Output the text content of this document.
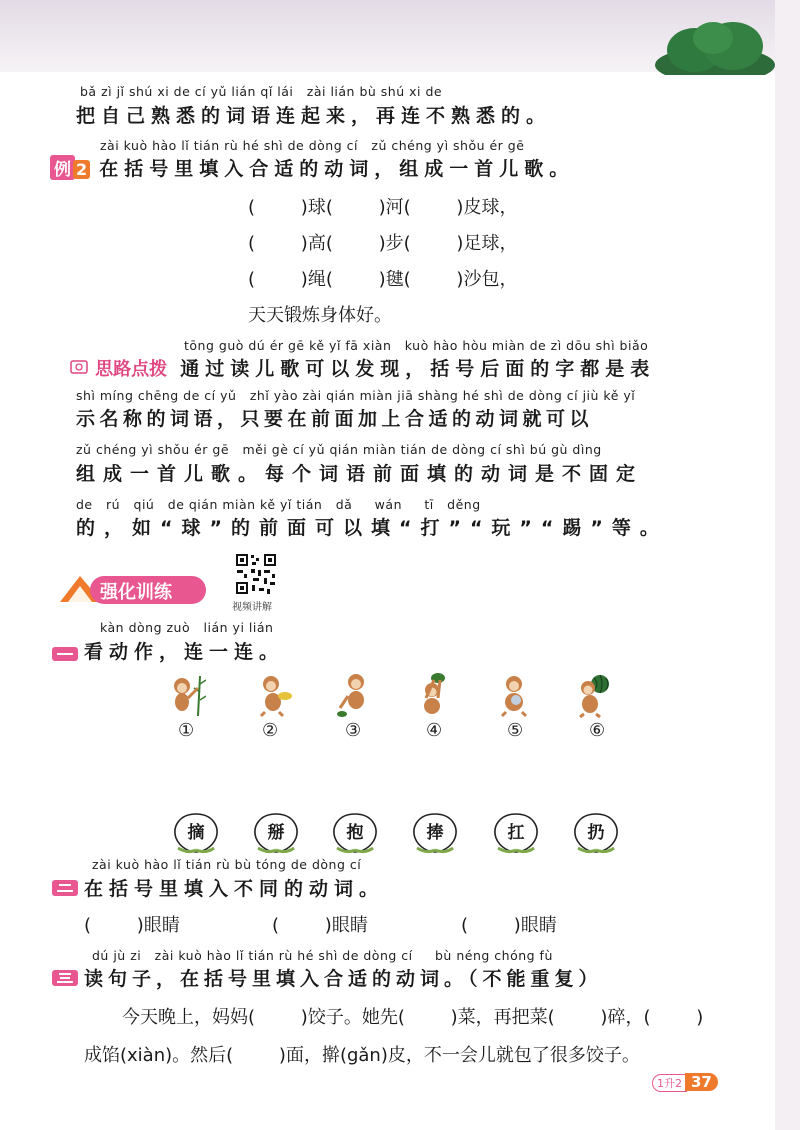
bǎ zì jǐ shú xi de cí yǔ lián qǐ lái   zài lián bù shú xi de
把自己熟悉的词语连起来，再连不熟悉的。
zài kuò hào lǐ tián rù hé shì de dòng cí   zǔ chéng yì shǒu ér gē
例 2 在括号里填入合适的动词，组成一首儿歌。
(        )球(        )河(        )皮球，
(        )高(        )步(        )足球，
(        )绳(        )毽(        )沙包，
天天锻炼身体好。
tōng guò dú ér gē kě yǐ fā xiàn   kuò hào hòu miàn de zì dōu shì biǎo
思路点拨 通过读儿歌可以发现，括号后面的字都是表
shì míng chēng de cí yǔ   zhǐ yào zài qián miàn jiā shàng hé shì de dòng cí jiù kě yǐ
示名称的词语，只要在前面加上合适的动词就可以
zǔ chéng yì shǒu ér gē   měi gè cí yǔ qián miàn tián de dòng cí shì bú gù dìng
组成一首儿歌。每个词语前面填的动词是不固定
de   rú   qiú   de qián miàn kě yǐ tián   dǎ     wán     tī   děng
的，如“球”的前面可以填“打”“玩”“踢”等。
强化训练
视频讲解
kàn dòng zuò   lián yi lián
看动作，连一连。
①	②	③	④	⑤	⑥
摘	掰	抱	捧	扛	扔
zài kuò hào lǐ tián rù bù tóng de dòng cí
在括号里填入不同的动词。
(        )眼睛	(        )眼睛	(        )眼睛
dú jù zi   zài kuò hào lǐ tián rù hé shì de dòng cí     bù néng chóng fù
读句子，在括号里填入合适的动词。（不能重复）
今天晚上，妈妈(        )饺子。她先(        )菜，再把菜(        )碎，(        )
成馅(xiàn)。然后(        )面，擀(gǎn)皮，不一会儿就包了很多饺子。
1升2 37
